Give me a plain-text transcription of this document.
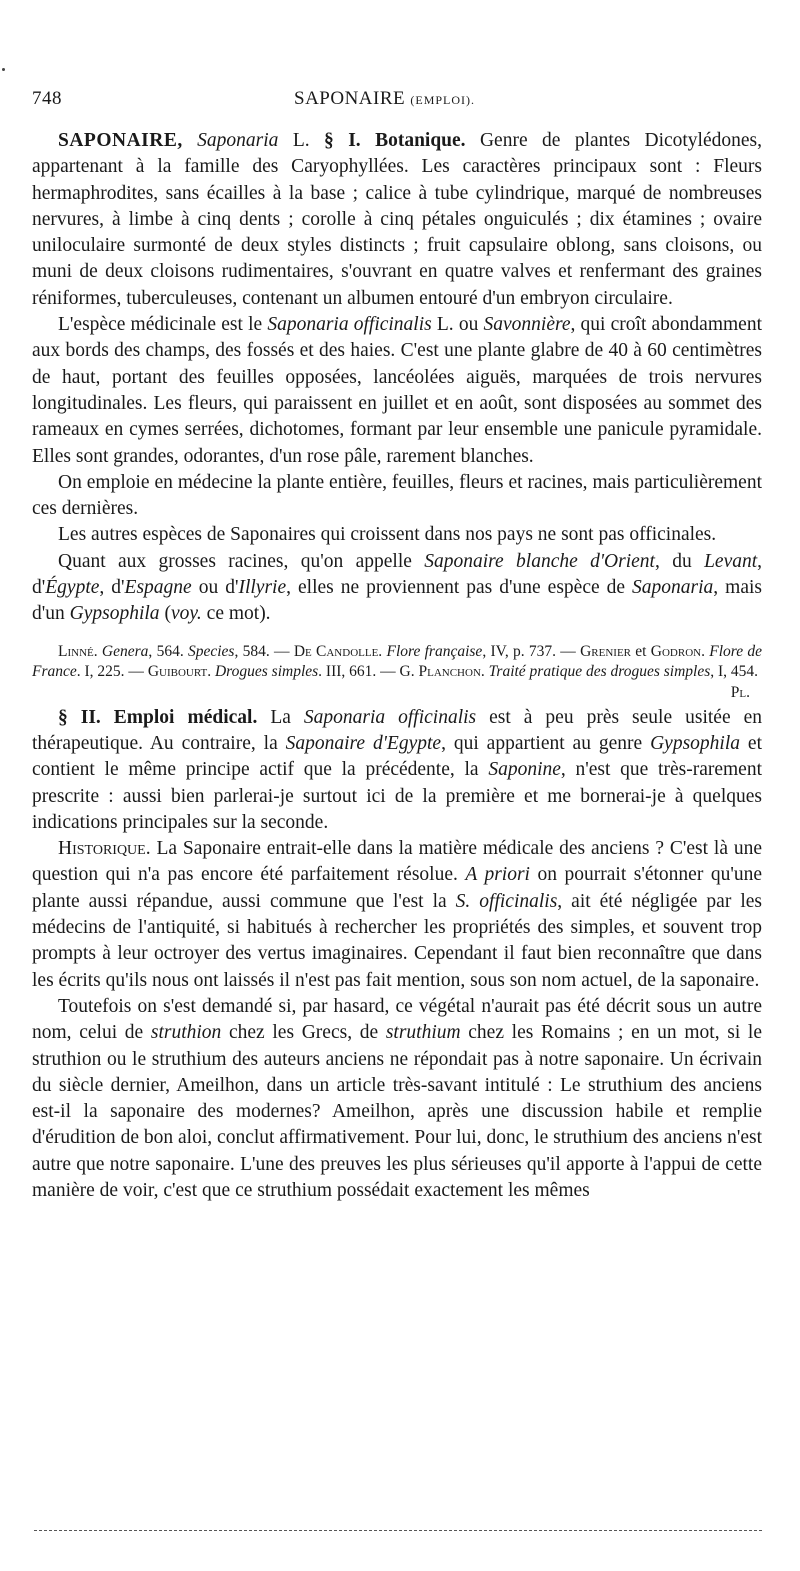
748	SAPONAIRE (EMPLOI).

SAPONAIRE, Saponaria L. § I. Botanique. Genre de plantes Dicotylédones, appartenant à la famille des Caryophyllées. Les caractères principaux sont : Fleurs hermaphrodites, sans écailles à la base ; calice à tube cylindrique, marqué de nombreuses nervures, à limbe à cinq dents ; corolle à cinq pétales onguiculés ; dix étamines ; ovaire uniloculaire surmonté de deux styles distincts ; fruit capsulaire oblong, sans cloisons, ou muni de deux cloisons rudimentaires, s'ouvrant en quatre valves et renfermant des graines réniformes, tuberculeuses, contenant un albumen entouré d'un embryon circulaire.

L'espèce médicinale est le Saponaria officinalis L. ou Savonnière, qui croît abondamment aux bords des champs, des fossés et des haies. C'est une plante glabre de 40 à 60 centimètres de haut, portant des feuilles opposées, lancéolées aiguës, marquées de trois nervures longitudinales. Les fleurs, qui paraissent en juillet et en août, sont disposées au sommet des rameaux en cymes serrées, dichotomes, formant par leur ensemble une panicule pyramidale. Elles sont grandes, odorantes, d'un rose pâle, rarement blanches.

On emploie en médecine la plante entière, feuilles, fleurs et racines, mais particulièrement ces dernières.

Les autres espèces de Saponaires qui croissent dans nos pays ne sont pas officinales.

Quant aux grosses racines, qu'on appelle Saponaire blanche d'Orient, du Levant, d'Égypte, d'Espagne ou d'Illyrie, elles ne proviennent pas d'une espèce de Saponaria, mais d'un Gypsophila (voy. ce mot).

Linné. Genera, 564. Species, 584. — De Candolle. Flore française, IV, p. 737. — Grenier et Godron. Flore de France. I, 225. — Guibourt. Drogues simples. III, 661. — G. Planchon. Traité pratique des drogues simples, I, 454.
Pl.

§ II. Emploi médical. La Saponaria officinalis est à peu près seule usitée en thérapeutique. Au contraire, la Saponaire d'Egypte, qui appartient au genre Gypsophila et contient le même principe actif que la précédente, la Saponine, n'est que très-rarement prescrite : aussi bien parlerai-je surtout ici de la première et me bornerai-je à quelques indications principales sur la seconde.

Historique. La Saponaire entrait-elle dans la matière médicale des anciens ? C'est là une question qui n'a pas encore été parfaitement résolue. A priori on pourrait s'étonner qu'une plante aussi répandue, aussi commune que l'est la S. officinalis, ait été négligée par les médecins de l'antiquité, si habitués à rechercher les propriétés des simples, et souvent trop prompts à leur octroyer des vertus imaginaires. Cependant il faut bien reconnaître que dans les écrits qu'ils nous ont laissés il n'est pas fait mention, sous son nom actuel, de la saponaire.

Toutefois on s'est demandé si, par hasard, ce végétal n'aurait pas été décrit sous un autre nom, celui de struthion chez les Grecs, de struthium chez les Romains ; en un mot, si le struthion ou le struthium des auteurs anciens ne répondait pas à notre saponaire. Un écrivain du siècle dernier, Ameilhon, dans un article très-savant intitulé : Le struthium des anciens est-il la saponaire des modernes? Ameilhon, après une discussion habile et remplie d'érudition de bon aloi, conclut affirmativement. Pour lui, donc, le struthium des anciens n'est autre que notre saponaire. L'une des preuves les plus sérieuses qu'il apporte à l'appui de cette manière de voir, c'est que ce struthium possédait exactement les mêmes
